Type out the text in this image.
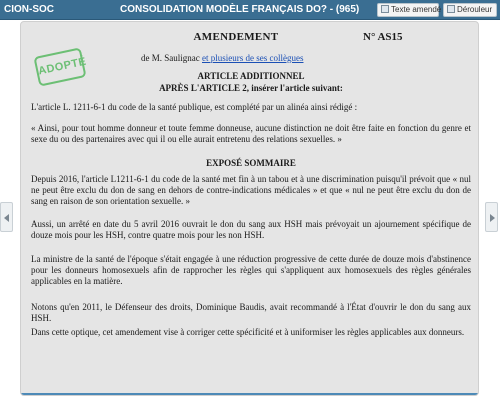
CION-SOC	CONSOLIDATION MODÈLE FRANÇAIS DO? - (965)	Texte amendé	Dérouleur
ADOPTÉ
AMENDEMENT	N° AS15
de M. Saulignac et plusieurs de ses collègues
ARTICLE ADDITIONNEL
APRÈS L'ARTICLE 2, insérer l'article suivant:
L'article L. 1211-6-1 du code de la santé publique, est complété par un alinéa ainsi rédigé :
« Ainsi, pour tout homme donneur et toute femme donneuse, aucune distinction ne doit être faite en fonction du genre et sexe du ou des partenaires avec qui il ou elle aurait entretenu des relations sexuelles. »
EXPOSÉ SOMMAIRE
Depuis 2016, l'article L1211-6-1 du code de la santé met fin à un tabou et à une discrimination puisqu'il prévoit que « nul ne peut être exclu du don de sang en dehors de contre-indications médicales » et que « nul ne peut être exclu du don de sang en raison de son orientation sexuelle. »
Aussi, un arrêté en date du 5 avril 2016 ouvrait le don du sang aux HSH mais prévoyait un ajournement spécifique de douze mois pour les HSH, contre quatre mois pour les non HSH.
La ministre de la santé de l'époque s'était engagée à une réduction progressive de cette durée de douze mois d'abstinence pour les donneurs homosexuels afin de rapprocher les règles qui s'appliquent aux homosexuels des règles générales applicables en la matière.
Notons qu'en 2011, le Défenseur des droits, Dominique Baudis, avait recommandé à l'État d'ouvrir le don du sang aux HSH.
Dans cette optique, cet amendement vise à corriger cette spécificité et à uniformiser les règles applicables aux donneurs.
